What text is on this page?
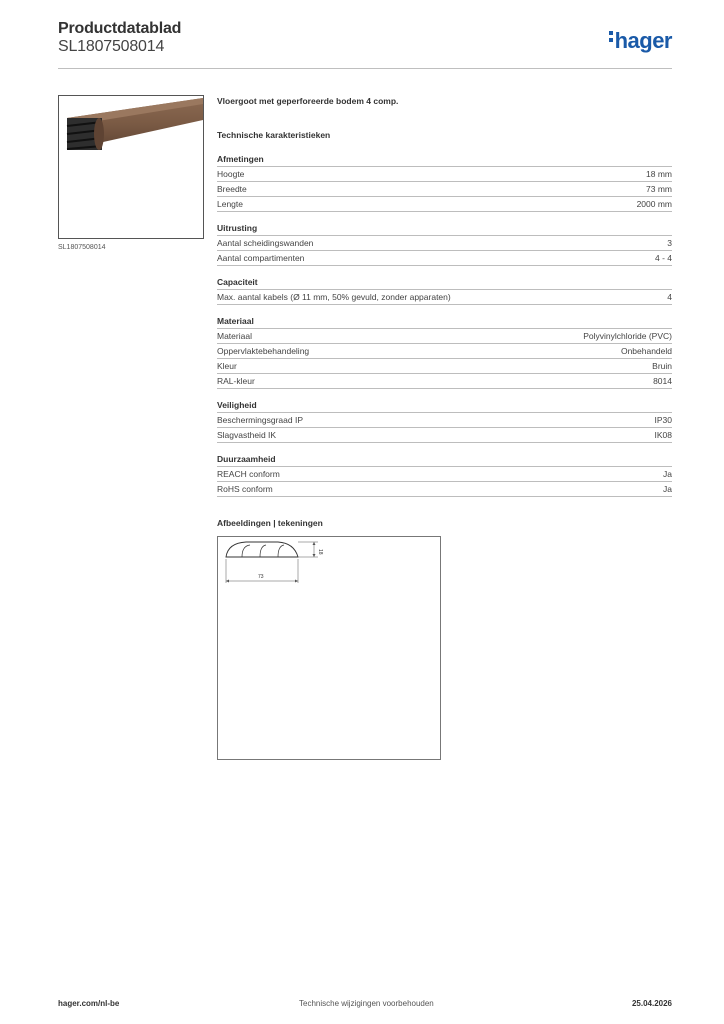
Productdatablad
SL1807508014	hager
SL1807508014
Vloergoot met geperforeerde bodem 4 comp.
Technische karakteristieken
Afmetingen
Hoogte	18 mm
Breedte	73 mm
Lengte	2000 mm
Uitrusting
Aantal scheidingswanden	3
Aantal compartimenten	4 - 4
Capaciteit
Max. aantal kabels (Ø 11 mm, 50% gevuld, zonder apparaten)	4
Materiaal
Materiaal	Polyvinylchloride (PVC)
Oppervlaktebehandeling	Onbehandeld
Kleur	Bruin
RAL-kleur	8014
Veiligheid
Beschermingsgraad IP	IP30
Slagvastheid IK	IK08
Duurzaamheid
REACH conform	Ja
RoHS conform	Ja
Afbeeldingen | tekeningen
18
73
hager.com/nl-be	Technische wijzigingen voorbehouden	25.04.2026
